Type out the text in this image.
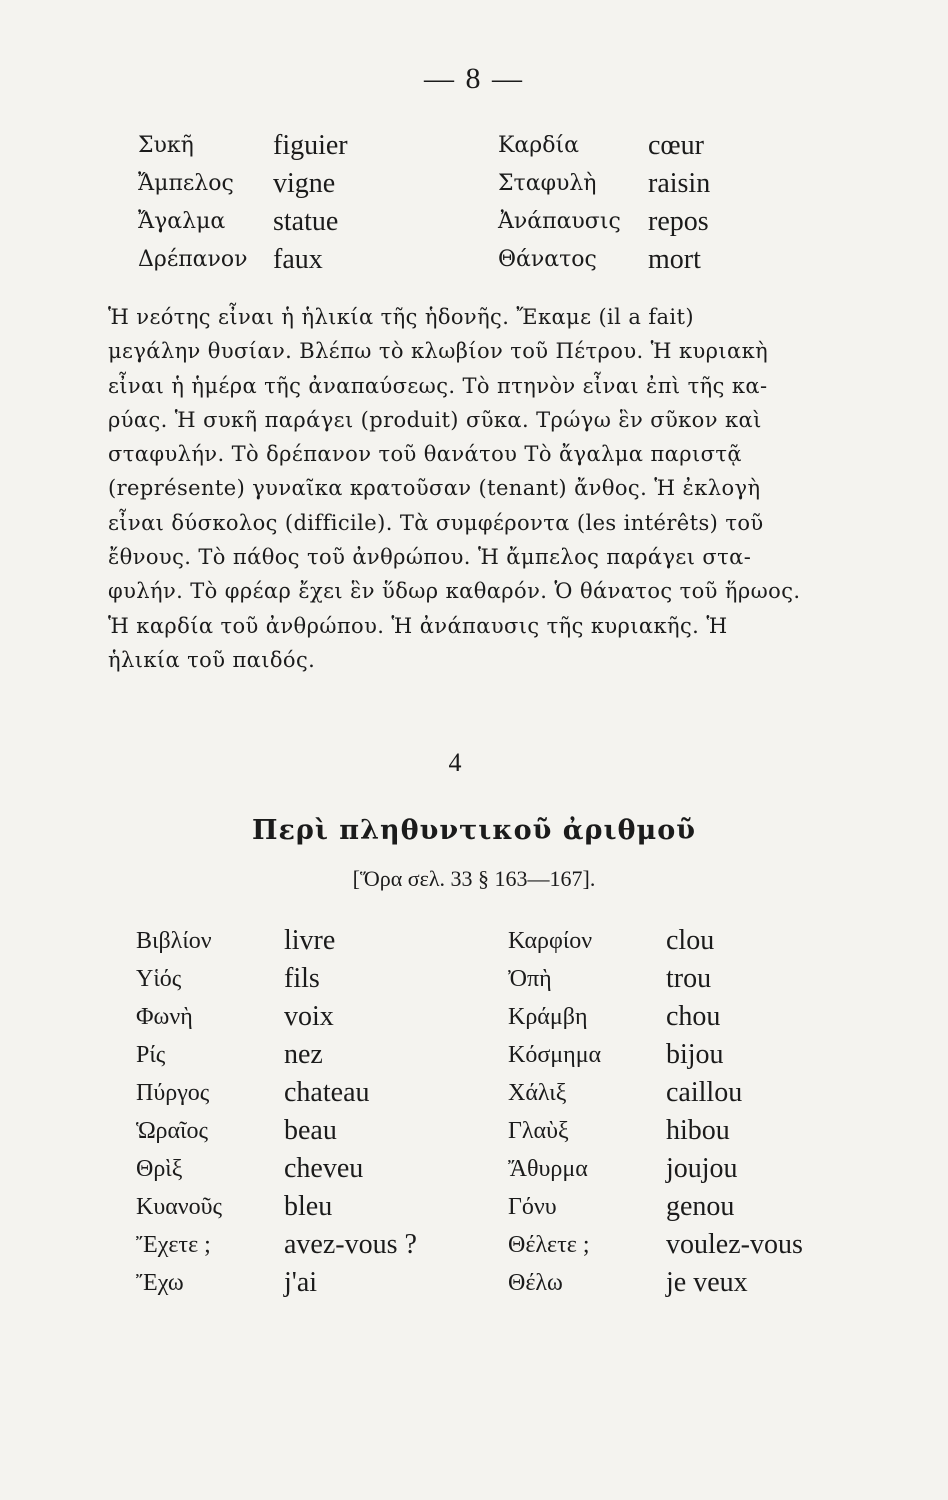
— 8 —
Συκῆ	figuier	Καρδία cœur
Ἄμπελος vigne	Σταφυλὴ raisin
Ἄγαλμα statue	Ἀνάπαυσις repos
Δρέπανον faux	Θάνατος mort
Ἡ νεότης εἶναι ἡ ἡλικία τῆς ἡδονῆς. Ἔκαμε (il a fait)
μεγάλην θυσίαν. Βλέπω τὸ κλωβίον τοῦ Πέτρου. Ἡ κυριακὴ
εἶναι ἡ ἡμέρα τῆς ἀναπαύσεως. Τὸ πτηνὸν εἶναι ἐπὶ τῆς κα-
ρύας. Ἡ συκῆ παράγει (produit) σῦκα. Τρώγω ἓν σῦκον καὶ
σταφυλήν. Τὸ δρέπανον τοῦ θανάτου Τὸ ἄγαλμα παριστᾷ
(représente) γυναῖκα κρατοῦσαν (tenant) ἄνθος. Ἡ ἐκλογὴ
εἶναι δύσκολος (difficile). Τὰ συμφέροντα (les intérêts) τοῦ
ἔθνους. Τὸ πάθος τοῦ ἀνθρώπου. Ἡ ἄμπελος παράγει στα-
φυλήν. Τὸ φρέαρ ἔχει ἓν ὕδωρ καθαρόν. Ὁ θάνατος τοῦ ἥρωος.
Ἡ καρδία τοῦ ἀνθρώπου. Ἡ ἀνάπαυσις τῆς κυριακῆς. Ἡ
ἡλικία τοῦ παιδός.
4
Περὶ πληθυντικοῦ ἀριθμοῦ
[Ὅρα σελ. 33 § 163—167].
Βιβλίον	livre	Καρφίον	clou
Υἱός	fils	Ὀπὴ	trou
Φωνὴ	voix	Κράμβη	chou
Ρίς	nez	Κόσμημα bijou
Πύργος	chateau	Χάλιξ	caillou
Ὡραῖος	beau	Γλαὺξ	hibou
Θρὶξ	cheveu	Ἄθυρμα	joujou
Κυανοῦς bleu	Γόνυ	genou
Ἔχετε ;	avez-vous ?	Θέλετε ;	voulez-vous
Ἔχω	j'ai	Θέλω	je veux
